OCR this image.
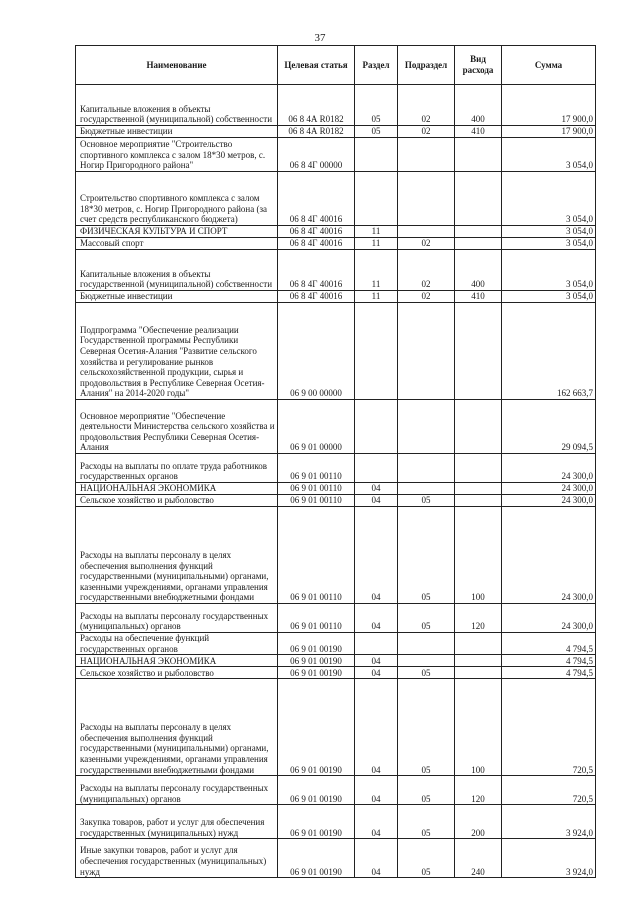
37
Наименование	Целевая статья	Раздел	Подраздел	Вид расхода	Сумма
Капитальные вложения в объекты государственной (муниципальной) собственности	06 8 4А R0182	05	02	400	17 900,0
Бюджетные инвестиции	06 8 4А R0182	05	02	410	17 900,0
Основное мероприятие "Строительство спортивного комплекса с залом 18*30 метров, с. Ногир Пригородного района"	06 8 4Г 00000				3 054,0
Строительство спортивного комплекса с залом 18*30 метров, с. Ногир Пригородного района (за счет средств республиканского бюджета)	06 8 4Г 40016				3 054,0
ФИЗИЧЕСКАЯ КУЛЬТУРА И СПОРТ	06 8 4Г 40016	11			3 054,0
Массовый спорт	06 8 4Г 40016	11	02		3 054,0
Капитальные вложения в объекты государственной (муниципальной) собственности	06 8 4Г 40016	11	02	400	3 054,0
Бюджетные инвестиции	06 8 4Г 40016	11	02	410	3 054,0
Подпрограмма "Обеспечение реализации Государственной программы Республики Северная Осетия-Алания "Развитие сельского хозяйства и регулирование рынков сельскохозяйственной продукции, сырья и продовольствия в Республике Северная Осетия-Алания" на 2014-2020 годы"	06 9 00 00000				162 663,7
Основное мероприятие "Обеспечение деятельности Министерства сельского хозяйства и продовольствия Республики Северная Осетия-Алания	06 9 01 00000				29 094,5
Расходы на выплаты по оплате труда работников государственных органов	06 9 01 00110				24 300,0
НАЦИОНАЛЬНАЯ ЭКОНОМИКА	06 9 01 00110	04			24 300,0
Сельское хозяйство и рыболовство	06 9 01 00110	04	05		24 300,0
Расходы на выплаты персоналу в целях обеспечения выполнения функций государственными (муниципальными) органами, казенными учреждениями, органами управления государственными внебюджетными фондами	06 9 01 00110	04	05	100	24 300,0
Расходы на выплаты персоналу государственных (муниципальных) органов	06 9 01 00110	04	05	120	24 300,0
Расходы на обеспечение функций государственных органов	06 9 01 00190				4 794,5
НАЦИОНАЛЬНАЯ ЭКОНОМИКА	06 9 01 00190	04			4 794,5
Сельское хозяйство и рыболовство	06 9 01 00190	04	05		4 794,5
Расходы на выплаты персоналу в целях обеспечения выполнения функций государственными (муниципальными) органами, казенными учреждениями, органами управления государственными внебюджетными фондами	06 9 01 00190	04	05	100	720,5
Расходы на выплаты персоналу государственных (муниципальных) органов	06 9 01 00190	04	05	120	720,5
Закупка товаров, работ и услуг для обеспечения государственных (муниципальных) нужд	06 9 01 00190	04	05	200	3 924,0
Иные закупки товаров, работ и услуг для обеспечения государственных (муниципальных) нужд	06 9 01 00190	04	05	240	3 924,0
